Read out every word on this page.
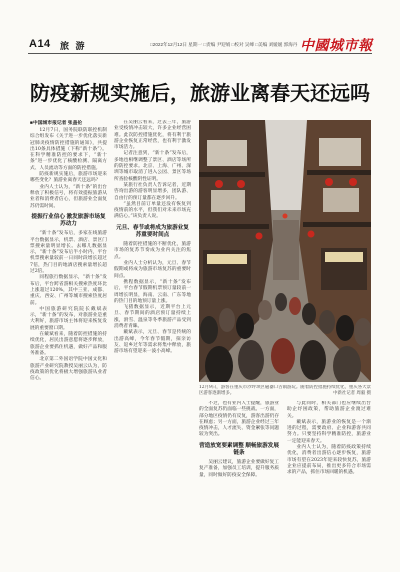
A14 旅 游	□2022年12月12日 星期一 □责编 尹迎娟 □校对 吴峰 □美编 刘媛媛 郭海丹 中國城市報
防疫新规实施后，旅游业离春天还远吗
■中国城市报记者 张盖伦

12月7日，国务院联防联控机制综合组发布《关于进一步优化落实新冠肺炎疫情防控措施的通知》，共提出10条具体措施（下称“新十条”）。在科学精准防控的要求下，“新十条”进一步优化了核酸检测、隔离方式、人员流动等方面的防控措施。

防疫新规实施后，旅游市场迎来哪些变化？旅游业离春天还远吗？

业内人士认为，“新十条”的出台释放了积极信号，将有效提振旅游从业者和消费者信心，但旅游业全面复苏仍需时间。

提振行业信心 激发旅游市场复苏动力

“新十条”发布后，多家在线旅游平台数据显示，机票、酒店、景区门票搜索量明显增长。去哪儿数据显示，“新十条”发布后半小时内，平台机票搜索量较前一日同时段增长超过7倍，热门目的地酒店搜索量增长超过2倍。

同程旅行数据显示，“新十条”发布后，平台跨省游相关搜索热度环比上涨超过120%，其中三亚、成都、重庆、西安、广州等城市搜索热度居前。

中国旅游研究院院长戴斌表示，“新十条”的发布，对旅游业是重大利好，旅游市场主体将迎来恢复发展的重要窗口期。

在戴斌看来，随着防控措施的持续优化，居民出游意愿将逐步释放，旅游企业要抓住机遇，做好产品和服务准备。

北京第二外国语学院中国文化和旅游产业研究院教授吴丽云认为，防疫政策的优化将极大增强旅游从业者信心。

在吴丽云看来，过去三年，旅游业受疫情冲击较大，许多企业经营困难。此次防控措施优化，将有利于旅游企业恢复正常经营，也有利于激发市场活力。

记者注意到，“新十条”发布后，多地也相继调整了景区、酒店等场所的防控要求。北京、上海、广州、深圳等城市取消了进入公园、景区等场所查验核酸阴性证明。

某旅行社负责人告诉记者，近期咨询出游的游客明显增多，团队游、自由行的预订量都在逐步回升。

“虽然目前订单量还没有恢复到疫情前的水平，但我们对未来市场充满信心。”该负责人说。

元旦、春节或将成为旅游业复苏重要时间点

随着防控措施的不断优化，旅游市场的复苏节奏成为业内关注的焦点。

业内人士分析认为，元旦、春节假期或将成为旅游市场复苏的重要时间点。

携程数据显示，“新十条”发布后，平台春节假期机票预订量较前一周增长明显，海南、云南、广东等地的热门目的地预订量上涨。

飞猪数据显示，近期平台上元旦、春节期间的酒店预订量持续上涨，滑雪、温泉等冬季旅游产品受到消费者青睐。

戴斌表示，元旦、春节是传统的出游高峰，今年春节假期，探亲访友、返乡过年等需求将集中释放，旅游市场有望迎来一波小高峰。

12月9日，游客在重庆市沙坪坝区磁器口古镇游玩。随着防控措施持续优化，重庆各大景区游客逐渐增多。	中新社记者 周毅 摄

不过，也有业内人士提醒，旅游业的全面复苏仍面临一些挑战。一方面，部分地区疫情仍有反复，游客出游仍存在顾虑；另一方面，旅游企业经过三年疫情冲击，人才流失、资金紧张等问题较为突出。

营造放宽要素调整 顺畅旅游发展链条

吴丽云建议，旅游企业要做好复工复产准备，加强员工培训，提升服务质量，同时做好防疫安全保障。

与此同时，相关部门也应继续出台助企纾困政策，帮助旅游企业渡过难关。

戴斌表示，旅游业的恢复是一个渐进的过程，需要政府、企业和游客共同努力。只要坚持科学精准防控，旅游业一定能迎来春天。

业内人士认为，随着防疫政策持续优化，消费者出游信心逐步恢复，旅游市场有望在2023年迎来较快复苏，旅游企业应提前布局，推出更多符合市场需求的产品，抓住市场回暖的机遇。
